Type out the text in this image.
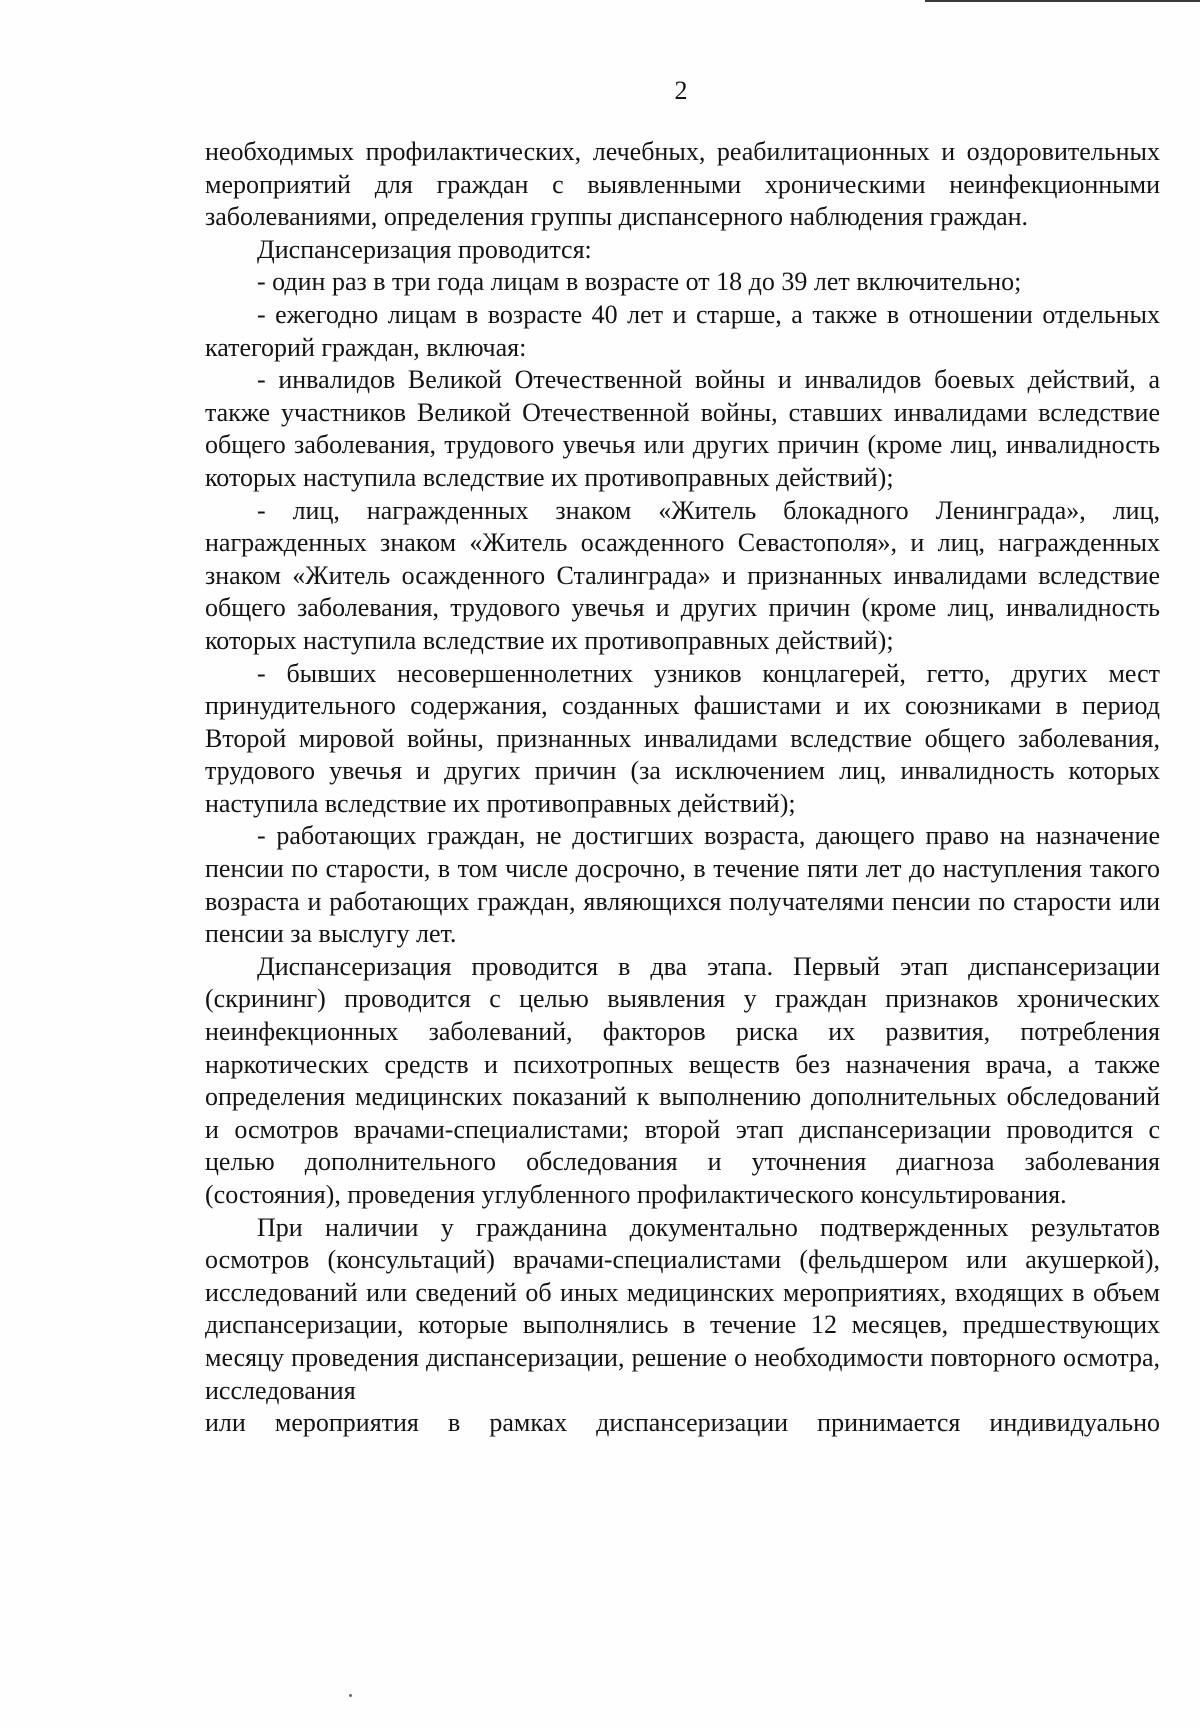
2

необходимых профилактических, лечебных, реабилитационных и оздоровительных мероприятий для граждан с выявленными хроническими неинфекционными заболеваниями, определения группы диспансерного наблюдения граждан.

Диспансеризация проводится:

- один раз в три года лицам в возрасте от 18 до 39 лет включительно;

- ежегодно лицам в возрасте 40 лет и старше, а также в отношении отдельных категорий граждан, включая:

- инвалидов Великой Отечественной войны и инвалидов боевых действий, а также участников Великой Отечественной войны, ставших инвалидами вследствие общего заболевания, трудового увечья или других причин (кроме лиц, инвалидность которых наступила вследствие их противоправных действий);

- лиц, награжденных знаком «Житель блокадного Ленинграда», лиц, награжденных знаком «Житель осажденного Севастополя», и лиц, награжденных знаком «Житель осажденного Сталинграда» и признанных инвалидами вследствие общего заболевания, трудового увечья и других причин (кроме лиц, инвалидность которых наступила вследствие их противоправных действий);

- бывших несовершеннолетних узников концлагерей, гетто, других мест принудительного содержания, созданных фашистами и их союзниками в период Второй мировой войны, признанных инвалидами вследствие общего заболевания, трудового увечья и других причин (за исключением лиц, инвалидность которых наступила вследствие их противоправных действий);

- работающих граждан, не достигших возраста, дающего право на назначение пенсии по старости, в том числе досрочно, в течение пяти лет до наступления такого возраста и работающих граждан, являющихся получателями пенсии по старости или пенсии за выслугу лет.

Диспансеризация проводится в два этапа. Первый этап диспансеризации (скрининг) проводится с целью выявления у граждан признаков хронических неинфекционных заболеваний, факторов риска их развития, потребления наркотических средств и психотропных веществ без назначения врача, а также определения медицинских показаний к выполнению дополнительных обследований и осмотров врачами-специалистами; второй этап диспансеризации проводится с целью дополнительного обследования и уточнения диагноза заболевания (состояния), проведения углубленного профилактического консультирования.

При наличии у гражданина документально подтвержденных результатов осмотров (консультаций) врачами-специалистами (фельдшером или акушеркой), исследований или сведений об иных медицинских мероприятиях, входящих в объем диспансеризации, которые выполнялись в течение 12 месяцев, предшествующих месяцу проведения диспансеризации, решение о необходимости повторного осмотра, исследования

или мероприятия в рамках диспансеризации принимается индивидуально
